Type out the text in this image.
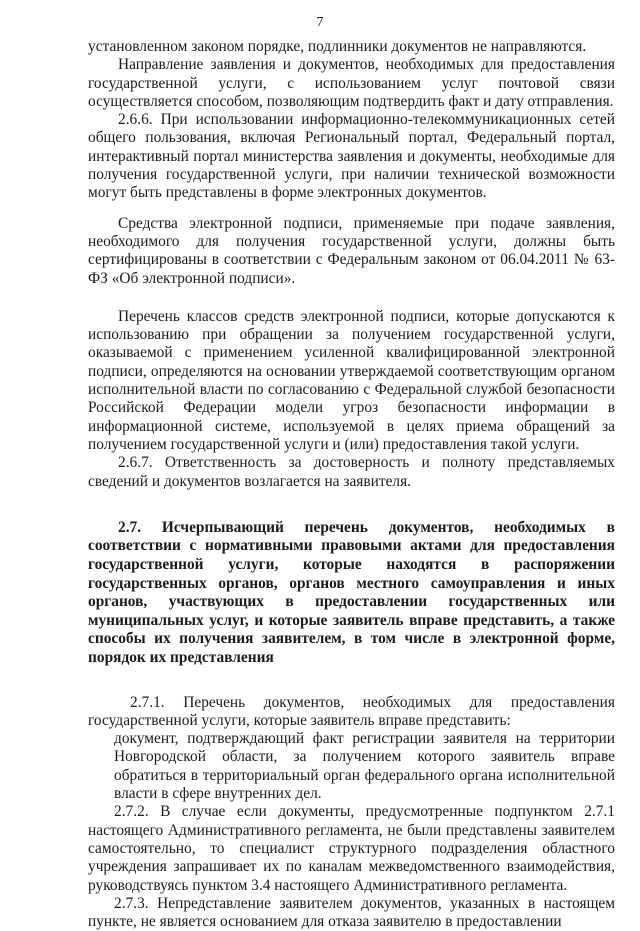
7

установленном законом порядке, подлинники документов не направляются.

Направление заявления и документов, необходимых для предоставления государственной услуги, с использованием услуг почтовой связи осуществляется способом, позволяющим подтвердить факт и дату отправления.

2.6.6. При использовании информационно-телекоммуникационных сетей общего пользования, включая Региональный портал, Федеральный портал, интерактивный портал министерства заявления и документы, необходимые для получения государственной услуги, при наличии технической возможности могут быть представлены в форме электронных документов.

Средства электронной подписи, применяемые при подаче заявления, необходимого для получения государственной услуги, должны быть сертифицированы в соответствии с Федеральным законом от 06.04.2011 № 63-ФЗ «Об электронной подписи».

Перечень классов средств электронной подписи, которые допускаются к использованию при обращении за получением государственной услуги, оказываемой с применением усиленной квалифицированной электронной подписи, определяются на основании утверждаемой соответствующим органом исполнительной власти по согласованию с Федеральной службой безопасности Российской Федерации модели угроз безопасности информации в информационной системе, используемой в целях приема обращений за получением государственной услуги и (или) предоставления такой услуги.

2.6.7. Ответственность за достоверность и полноту представляемых сведений и документов возлагается на заявителя.

2.7. Исчерпывающий перечень документов, необходимых в соответствии с нормативными правовыми актами для предоставления государственной услуги, которые находятся в распоряжении государственных органов, органов местного самоуправления и иных органов, участвующих в предоставлении государственных или муниципальных услуг, и которые заявитель вправе представить, а также способы их получения заявителем, в том числе в электронной форме, порядок их представления

2.7.1. Перечень документов, необходимых для предоставления государственной услуги, которые заявитель вправе представить:

документ, подтверждающий факт регистрации заявителя на территории Новгородской области, за получением которого заявитель вправе обратиться в территориальный орган федерального органа исполнительной власти в сфере внутренних дел.

2.7.2. В случае если документы, предусмотренные подпунктом 2.7.1 настоящего Административного регламента, не были представлены заявителем самостоятельно, то специалист структурного подразделения областного учреждения запрашивает их по каналам межведомственного взаимодействия, руководствуясь пунктом 3.4 настоящего Административного регламента.

2.7.3. Непредставление заявителем документов, указанных в настоящем пункте, не является основанием для отказа заявителю в предоставлении
